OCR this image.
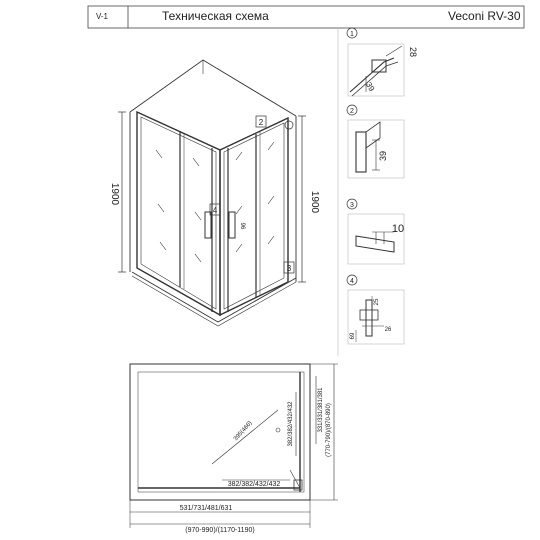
1900	1900
2
4
3
96
1
28
39
2
39
3
10
4
25
26
69
(970-990)/(1170-1190)
531/731/481/631
382/382/432/432
395(466)	382/382/432/432	331/331/381/381 (770-790)/(870-890)
V-1	Техническая схема	Veconi RV-30
